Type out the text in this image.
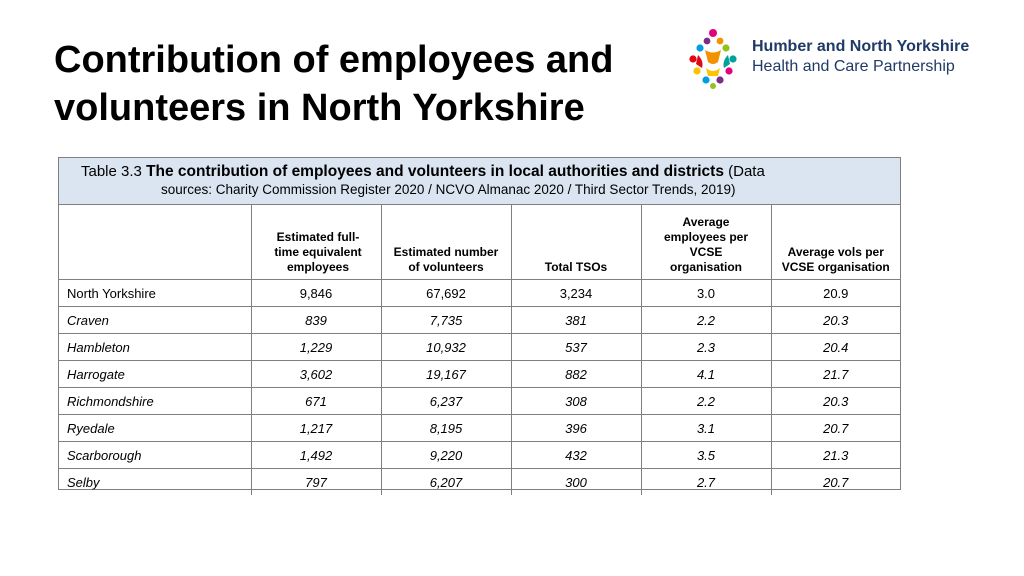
Contribution of employees and
volunteers in North Yorkshire
Humber and North Yorkshire
Health and Care Partnership
Table 3.3 The contribution of employees and volunteers in local authorities and districts (Data
sources: Charity Commission Register 2020 / NCVO Almanac 2020 / Third Sector Trends, 2019)
	Estimated full-time equivalent employees	Estimated number of volunteers	Total TSOs	Average employees per VCSE organisation	Average vols per VCSE organisation
North Yorkshire	9,846	67,692	3,234	3.0	20.9
Craven	839	7,735	381	2.2	20.3
Hambleton	1,229	10,932	537	2.3	20.4
Harrogate	3,602	19,167	882	4.1	21.7
Richmondshire	671	6,237	308	2.2	20.3
Ryedale	1,217	8,195	396	3.1	20.7
Scarborough	1,492	9,220	432	3.5	21.3
Selby	797	6,207	300	2.7	20.7
